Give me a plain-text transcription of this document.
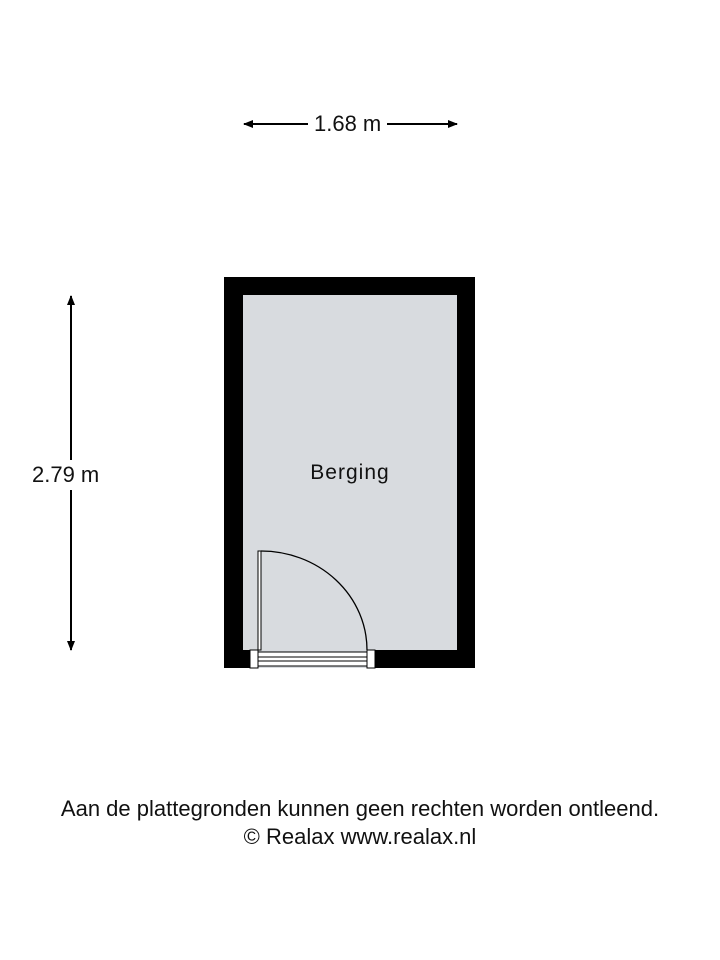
1.68 m
2.79 m	Berging
Aan de plattegronden kunnen geen rechten worden ontleend.
© Realax www.realax.nl
